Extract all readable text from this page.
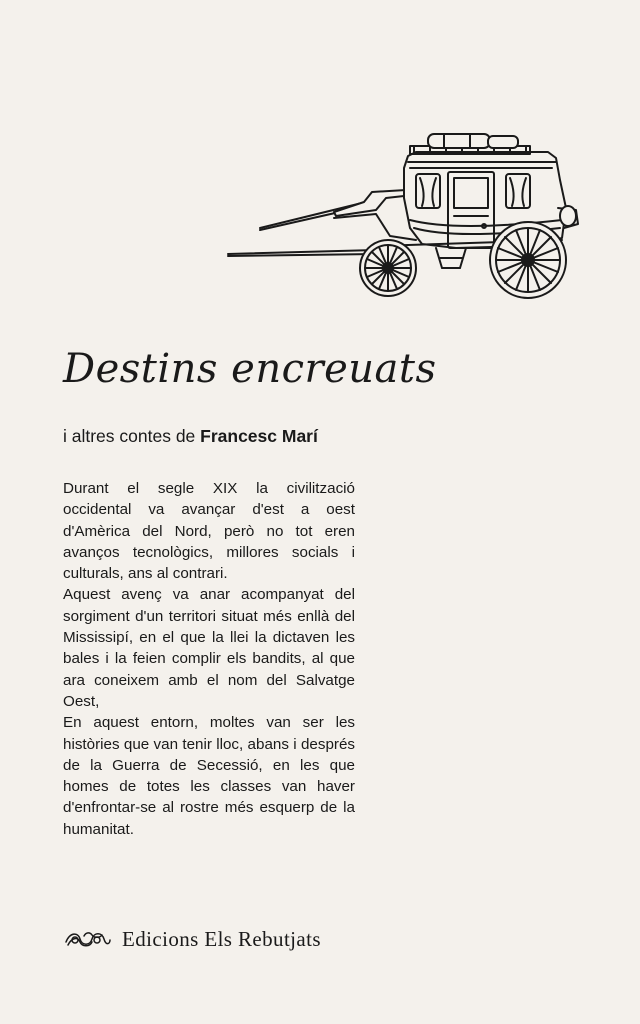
Destins encreuats

i altres contes de Francesc Marí

Durant el segle XIX la civilització occidental va avançar d'est a oest d'Amèrica del Nord, però no tot eren avanços tecnològics, millores socials i culturals, ans al contrari.

Aquest avenç va anar acompanyat del sorgiment d'un territori situat més enllà del Mississipí, en el que la llei la dictaven les bales i la feien complir els bandits, al que ara coneixem amb el nom del Salvatge Oest,

En aquest entorn, moltes van ser les històries que van tenir lloc, abans i després de la Guerra de Secessió, en les que homes de totes les classes van haver d'enfrontar-se al rostre més esquerp de la humanitat.

Edicions Els Rebutjats
